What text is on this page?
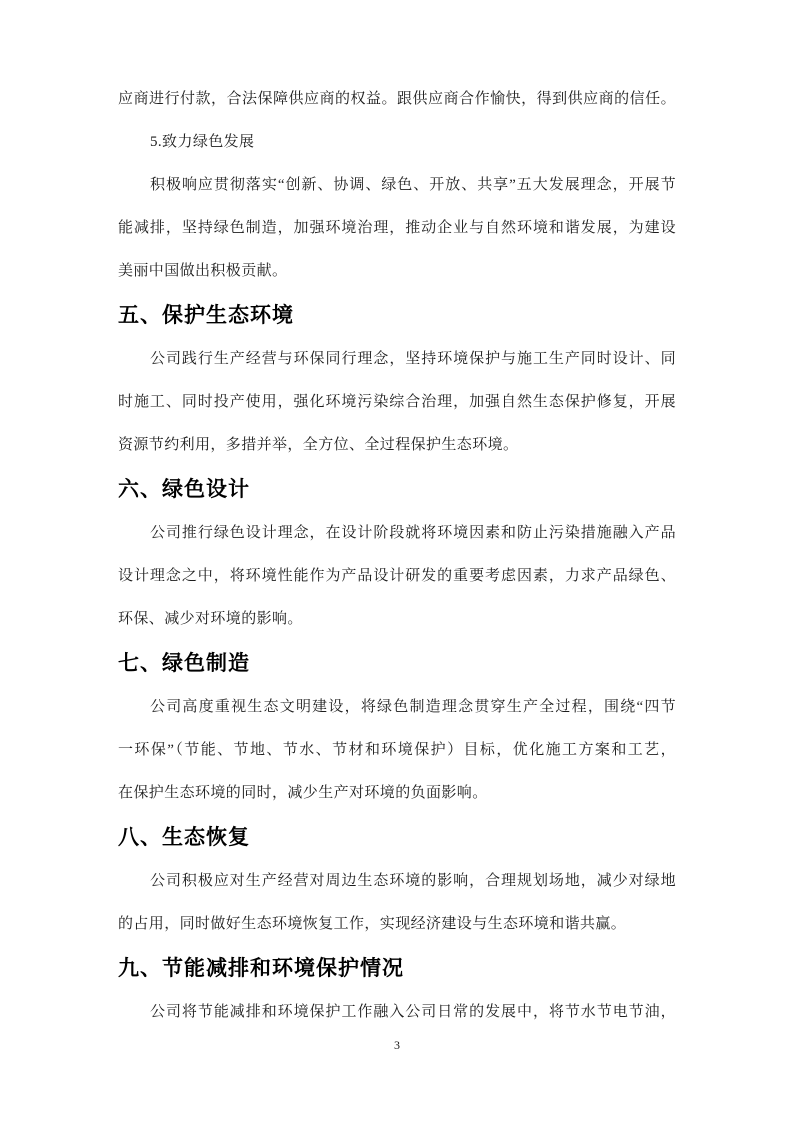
应商进行付款，合法保障供应商的权益。跟供应商合作愉快，得到供应商的信任。
5.致力绿色发展
积极响应贯彻落实“创新、协调、绿色、开放、共享”五大发展理念，开展节
能减排，坚持绿色制造，加强环境治理，推动企业与自然环境和谐发展，为建设
美丽中国做出积极贡献。
五、保护生态环境
公司践行生产经营与环保同行理念，坚持环境保护与施工生产同时设计、同
时施工、同时投产使用，强化环境污染综合治理，加强自然生态保护修复，开展
资源节约利用，多措并举，全方位、全过程保护生态环境。
六、绿色设计
公司推行绿色设计理念，在设计阶段就将环境因素和防止污染措施融入产品
设计理念之中，将环境性能作为产品设计研发的重要考虑因素，力求产品绿色、
环保、减少对环境的影响。
七、绿色制造
公司高度重视生态文明建设，将绿色制造理念贯穿生产全过程，围绕“四节
一环保”（节能、节地、节水、节材和环境保护）目标，优化施工方案和工艺，
在保护生态环境的同时，减少生产对环境的负面影响。
八、生态恢复
公司积极应对生产经营对周边生态环境的影响，合理规划场地，减少对绿地
的占用，同时做好生态环境恢复工作，实现经济建设与生态环境和谐共赢。
九、节能减排和环境保护情况
公司将节能减排和环境保护工作融入公司日常的发展中，将节水节电节油，
3
